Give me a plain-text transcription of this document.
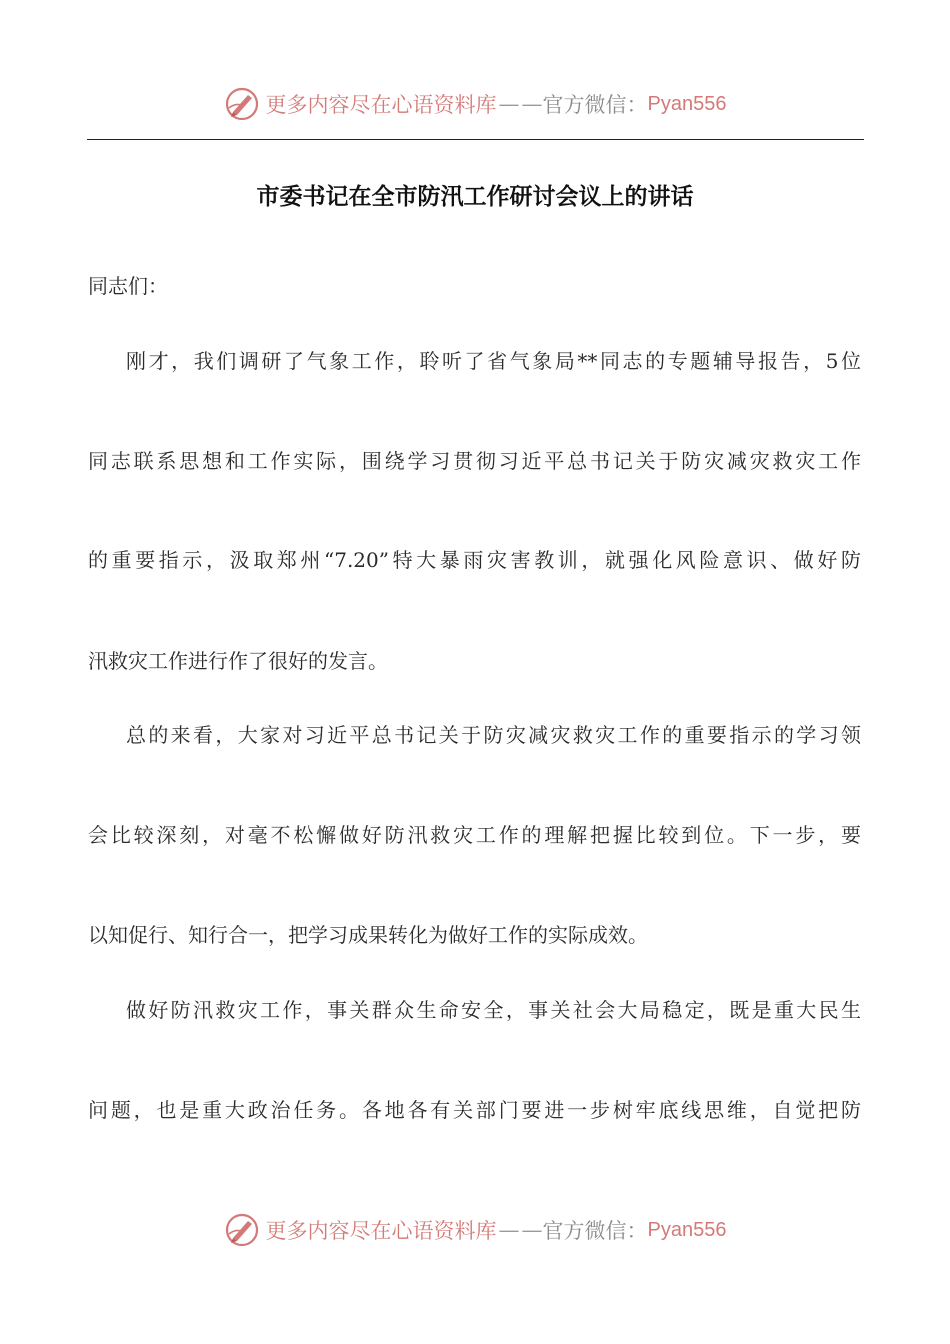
更多内容尽在心语资料库 — — 官方微信： Pyan556
市委书记在全市防汛工作研讨会议上的讲话
同志们：
刚才，我们调研了气象工作，聆听了省气象局**同志的专题辅导报告，5位
同志联系思想和工作实际，围绕学习贯彻习近平总书记关于防灾减灾救灾工作
的重要指示，汲取郑州“7.20”特大暴雨灾害教训，就强化风险意识、做好防
汛救灾工作进行作了很好的发言。
总的来看，大家对习近平总书记关于防灾减灾救灾工作的重要指示的学习领
会比较深刻，对毫不松懈做好防汛救灾工作的理解把握比较到位。下一步，要
以知促行、知行合一，把学习成果转化为做好工作的实际成效。
做好防汛救灾工作，事关群众生命安全，事关社会大局稳定，既是重大民生
问题，也是重大政治任务。各地各有关部门要进一步树牢底线思维，自觉把防
更多内容尽在心语资料库 — — 官方微信： Pyan556
